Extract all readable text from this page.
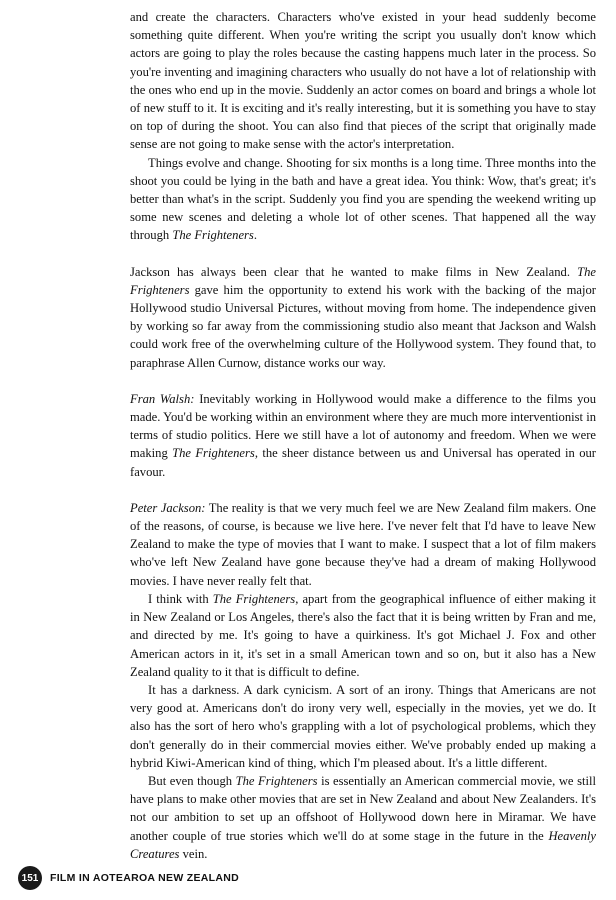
and create the characters. Characters who've existed in your head suddenly become something quite different. When you're writing the script you usually don't know which actors are going to play the roles because the casting happens much later in the process. So you're inventing and imagining characters who usually do not have a lot of relationship with the ones who end up in the movie. Suddenly an actor comes on board and brings a whole lot of new stuff to it. It is exciting and it's really interesting, but it is something you have to stay on top of during the shoot. You can also find that pieces of the script that originally made sense are not going to make sense with the actor's interpretation.

Things evolve and change. Shooting for six months is a long time. Three months into the shoot you could be lying in the bath and have a great idea. You think: Wow, that's great; it's better than what's in the script. Suddenly you find you are spending the weekend writing up some new scenes and deleting a whole lot of other scenes. That happened all the way through The Frighteners.

Jackson has always been clear that he wanted to make films in New Zealand. The Frighteners gave him the opportunity to extend his work with the backing of the major Hollywood studio Universal Pictures, without moving from home. The independence given by working so far away from the commissioning studio also meant that Jackson and Walsh could work free of the overwhelming culture of the Hollywood system. They found that, to paraphrase Allen Curnow, distance works our way.

Fran Walsh: Inevitably working in Hollywood would make a difference to the films you made. You'd be working within an environment where they are much more interventionist in terms of studio politics. Here we still have a lot of autonomy and freedom. When we were making The Frighteners, the sheer distance between us and Universal has operated in our favour.

Peter Jackson: The reality is that we very much feel we are New Zealand film makers. One of the reasons, of course, is because we live here. I've never felt that I'd have to leave New Zealand to make the type of movies that I want to make. I suspect that a lot of film makers who've left New Zealand have gone because they've had a dream of making Hollywood movies. I have never really felt that.

I think with The Frighteners, apart from the geographical influence of either making it in New Zealand or Los Angeles, there's also the fact that it is being written by Fran and me, and directed by me. It's going to have a quirkiness. It's got Michael J. Fox and other American actors in it, it's set in a small American town and so on, but it also has a New Zealand quality to it that is difficult to define.

It has a darkness. A dark cynicism. A sort of an irony. Things that Americans are not very good at. Americans don't do irony very well, especially in the movies, yet we do. It also has the sort of hero who's grappling with a lot of psychological problems, which they don't generally do in their commercial movies either. We've probably ended up making a hybrid Kiwi-American kind of thing, which I'm pleased about. It's a little different.

But even though The Frighteners is essentially an American commercial movie, we still have plans to make other movies that are set in New Zealand and about New Zealanders. It's not our ambition to set up an offshoot of Hollywood down here in Miramar. We have another couple of true stories which we'll do at some stage in the future in the Heavenly Creatures vein.

151 FILM IN AOTEAROA NEW ZEALAND
